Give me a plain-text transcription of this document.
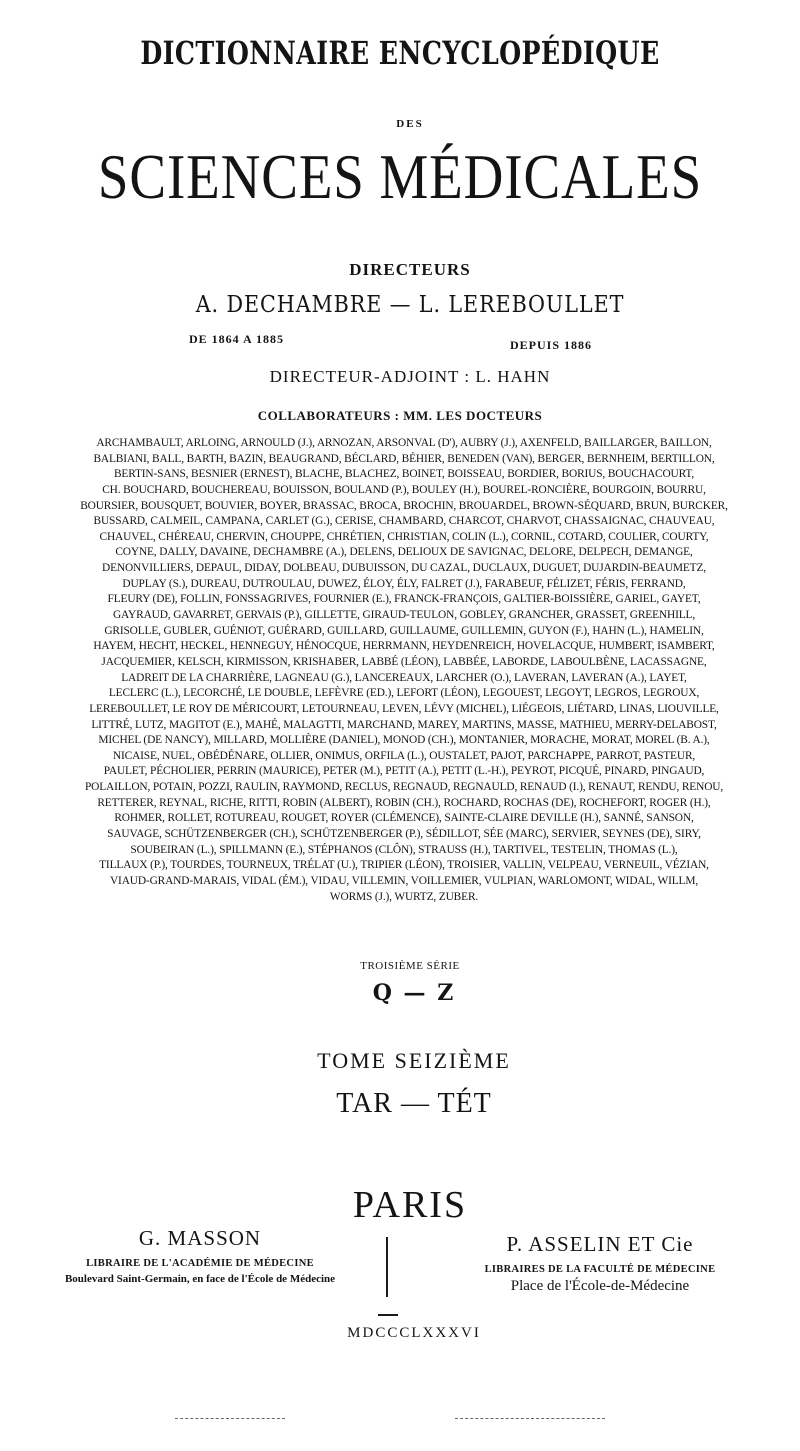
DICTIONNAIRE ENCYCLOPÉDIQUE
DES
SCIENCES MÉDICALES
DIRECTEURS
A. DECHAMBRE — L. LEREBOULLET
DE 1864 A 1885	DEPUIS 1886
DIRECTEUR-ADJOINT : L. HAHN
COLLABORATEURS : MM. LES DOCTEURS
ARCHAMBAULT, ARLOING, ARNOULD (J.), ARNOZAN, ARSONVAL (D'), AUBRY (J.), AXENFELD, BAILLARGER, BAILLON,
BALBIANI, BALL, BARTH, BAZIN, BEAUGRAND, BÉCLARD, BÉHIER, BENEDEN (VAN), BERGER, BERNHEIM, BERTILLON,
BERTIN-SANS, BESNIER (ERNEST), BLACHE, BLACHEZ, BOINET, BOISSEAU, BORDIER, BORIUS, BOUCHACOURT,
CH. BOUCHARD, BOUCHEREAU, BOUISSON, BOULAND (P.), BOULEY (H.), BOUREL-RONCIÈRE, BOURGOIN, BOURRU,
BOURSIER, BOUSQUET, BOUVIER, BOYER, BRASSAC, BROCA, BROCHIN, BROUARDEL, BROWN-SÉQUARD, BRUN, BURCKER,
BUSSARD, CALMEIL, CAMPANA, CARLET (G.), CERISE, CHAMBARD, CHARCOT, CHARVOT, CHASSAIGNAC, CHAUVEAU,
CHAUVEL, CHÉREAU, CHERVIN, CHOUPPE, CHRÉTIEN, CHRISTIAN, COLIN (L.), CORNIL, COTARD, COULIER, COURTY,
COYNE, DALLY, DAVAINE, DECHAMBRE (A.), DELENS, DELIOUX DE SAVIGNAC, DELORE, DELPECH, DEMANGE,
DENONVILLIERS, DEPAUL, DIDAY, DOLBEAU, DUBUISSON, DU CAZAL, DUCLAUX, DUGUET, DUJARDIN-BEAUMETZ,
DUPLAY (S.), DUREAU, DUTROULAU, DUWEZ, ÉLOY, ÉLY, FALRET (J.), FARABEUF, FÉLIZET, FÉRIS, FERRAND,
FLEURY (DE), FOLLIN, FONSSAGRIVES, FOURNIER (E.), FRANCK-FRANÇOIS, GALTIER-BOISSIÈRE, GARIEL, GAYET,
GAYRAUD, GAVARRET, GERVAIS (P.), GILLETTE, GIRAUD-TEULON, GOBLEY, GRANCHER, GRASSET, GREENHILL,
GRISOLLE, GUBLER, GUÉNIOT, GUÉRARD, GUILLARD, GUILLAUME, GUILLEMIN, GUYON (F.), HAHN (L.), HAMELIN,
HAYEM, HECHT, HECKEL, HENNEGUY, HÉNOCQUE, HERRMANN, HEYDENREICH, HOVELACQUE, HUMBERT, ISAMBERT,
JACQUEMIER, KELSCH, KIRMISSON, KRISHABER, LABBÉ (LÉON), LABBÉE, LABORDE, LABOULBÈNE, LACASSAGNE,
LADREIT DE LA CHARRIÈRE, LAGNEAU (G.), LANCEREAUX, LARCHER (O.), LAVERAN, LAVERAN (A.), LAYET,
LECLERC (L.), LECORCHÉ, LE DOUBLE, LEFÈVRE (ED.), LEFORT (LÉON), LEGOUEST, LEGOYT, LEGROS, LEGROUX,
LEREBOULLET, LE ROY DE MÉRICOURT, LETOURNEAU, LEVEN, LÉVY (MICHEL), LIÉGEOIS, LIÉTARD, LINAS, LIOUVILLE,
LITTRÉ, LUTZ, MAGITOT (E.), MAHÉ, MALAGTTI, MARCHAND, MAREY, MARTINS, MASSE, MATHIEU, MERRY-DELABOST,
MICHEL (DE NANCY), MILLARD, MOLLIÈRE (DANIEL), MONOD (CH.), MONTANIER, MORACHE, MORAT, MOREL (B. A.),
NICAISE, NUEL, OBÉDÉNARE, OLLIER, ONIMUS, ORFILA (L.), OUSTALET, PAJOT, PARCHAPPE, PARROT, PASTEUR,
PAULET, PÉCHOLIER, PERRIN (MAURICE), PETER (M.), PETIT (A.), PETIT (L.-H.), PEYROT, PICQUÉ, PINARD, PINGAUD,
POLAILLON, POTAIN, POZZI, RAULIN, RAYMOND, RECLUS, REGNAUD, REGNAULD, RENAUD (I.), RENAUT, RENDU, RENOU,
RETTERER, REYNAL, RICHE, RITTI, ROBIN (ALBERT), ROBIN (CH.), ROCHARD, ROCHAS (DE), ROCHEFORT, ROGER (H.),
ROHMER, ROLLET, ROTUREAU, ROUGET, ROYER (CLÉMENCE), SAINTE-CLAIRE DEVILLE (H.), SANNÉ, SANSON,
SAUVAGE, SCHÜTZENBERGER (CH.), SCHÜTZENBERGER (P.), SÉDILLOT, SÉE (MARC), SERVIER, SEYNES (DE), SIRY,
SOUBEIRAN (L.), SPILLMANN (E.), STÉPHANOS (CLÔN), STRAUSS (H.), TARTIVEL, TESTELIN, THOMAS (L.),
TILLAUX (P.), TOURDES, TOURNEUX, TRÉLAT (U.), TRIPIER (LÉON), TROISIER, VALLIN, VELPEAU, VERNEUIL, VÉZIAN,
VIAUD-GRAND-MARAIS, VIDAL (ÉM.), VIDAU, VILLEMIN, VOILLEMIER, VULPIAN, WARLOMONT, WIDAL, WILLM,
WORMS (J.), WURTZ, ZUBER.
TROISIÈME SÉRIE
Q — Z
TOME SEIZIÈME
TAR — TÉT
PARIS
G. MASSON
LIBRAIRE DE L'ACADÉMIE DE MÉDECINE
Boulevard Saint-Germain, en face de l'École de Médecine
P. ASSELIN ET Cie
LIBRAIRES DE LA FACULTÉ DE MÉDECINE
Place de l'École-de-Médecine
MDCCCLXXXVI
